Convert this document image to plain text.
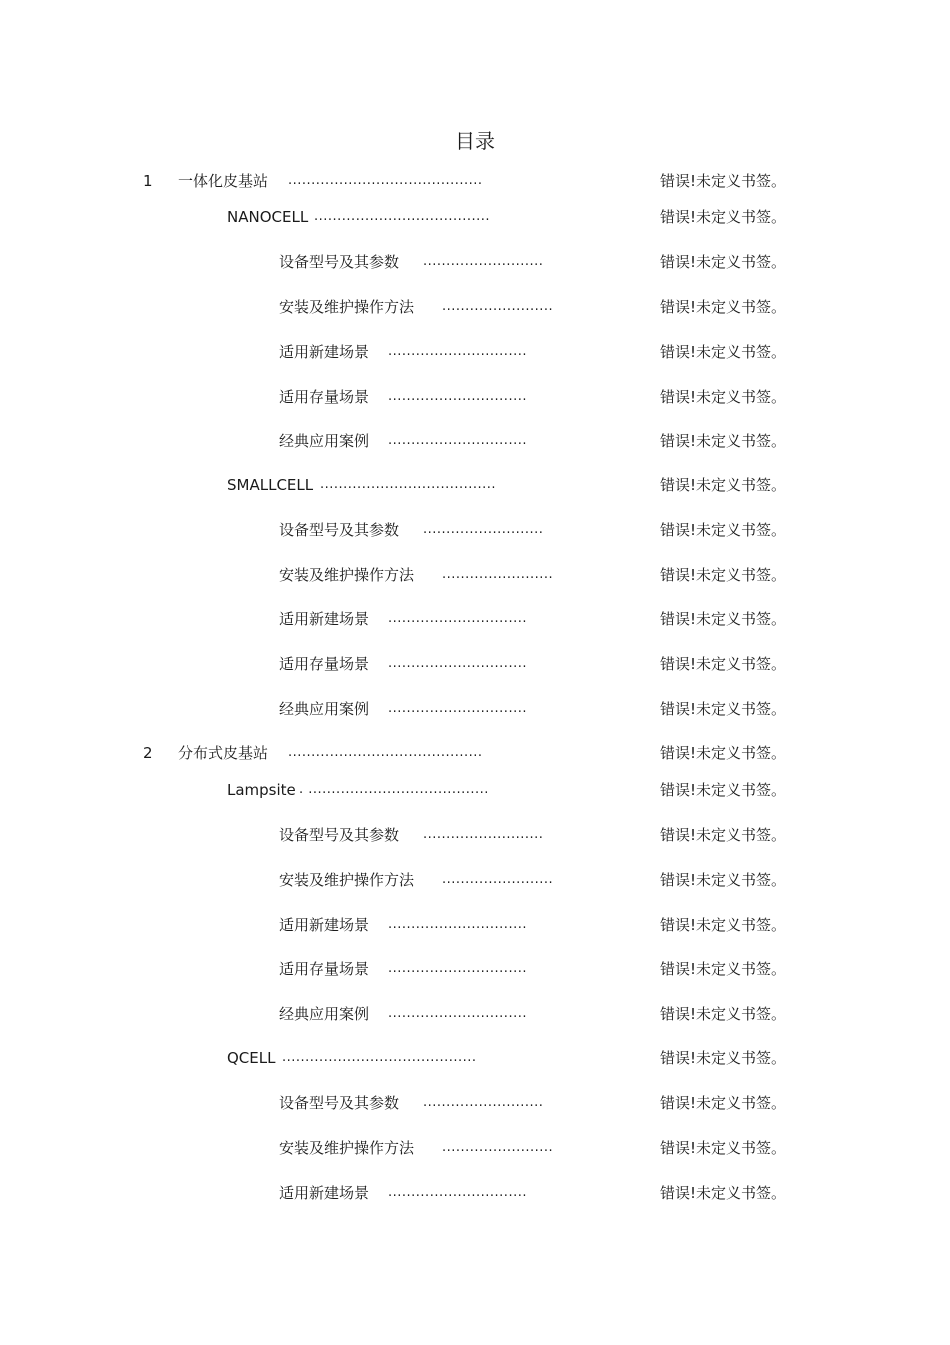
目录
1 一体化皮基站 ..........................................	错误!未定义书签。
NANOCELL ......................................	错误!未定义书签。
设备型号及其参数 ..........................	错误!未定义书签。
安装及维护操作方法 ........................	错误!未定义书签。
适用新建场景 ..............................	错误!未定义书签。
适用存量场景 ..............................	错误!未定义书签。
经典应用案例 ..............................	错误!未定义书签。
SMALLCELL ......................................	错误!未定义书签。
设备型号及其参数 ..........................	错误!未定义书签。
安装及维护操作方法 ........................	错误!未定义书签。
适用新建场景 ..............................	错误!未定义书签。
适用存量场景 ..............................	错误!未定义书签。
经典应用案例 ..............................	错误!未定义书签。
2 分布式皮基站 ..........................................	错误!未定义书签。
Lampsite . .......................................	错误!未定义书签。
设备型号及其参数 ..........................	错误!未定义书签。
安装及维护操作方法 ........................	错误!未定义书签。
适用新建场景 ..............................	错误!未定义书签。
适用存量场景 ..............................	错误!未定义书签。
经典应用案例 ..............................	错误!未定义书签。
QCELL ..........................................	错误!未定义书签。
设备型号及其参数 ..........................	错误!未定义书签。
安装及维护操作方法 ........................	错误!未定义书签。
适用新建场景 ..............................	错误!未定义书签。
